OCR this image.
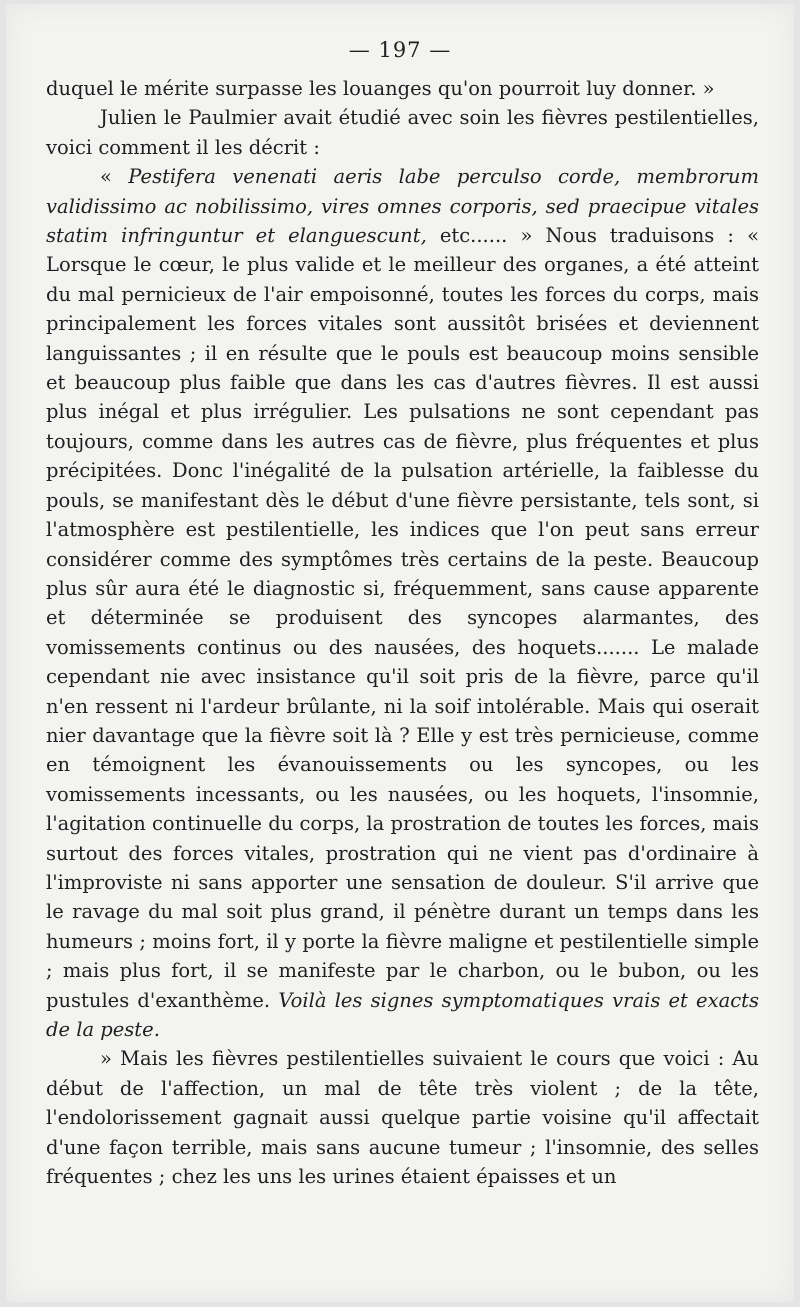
— 197 —

duquel le mérite surpasse les louanges qu'on pourroit luy donner. »

Julien le Paulmier avait étudié avec soin les fièvres pestilentielles, voici comment il les décrit :

« Pestifera venenati aeris labe perculso corde, membrorum validissimo ac nobilissimo, vires omnes corporis, sed praecipue vitales statim infringuntur et elanguescunt, etc...... » Nous traduisons : « Lorsque le cœur, le plus valide et le meilleur des organes, a été atteint du mal pernicieux de l'air empoisonné, toutes les forces du corps, mais principalement les forces vitales sont aussitôt brisées et deviennent languissantes ; il en résulte que le pouls est beaucoup moins sensible et beaucoup plus faible que dans les cas d'autres fièvres. Il est aussi plus inégal et plus irrégulier. Les pulsations ne sont cependant pas toujours, comme dans les autres cas de fièvre, plus fréquentes et plus précipitées. Donc l'inégalité de la pulsation artérielle, la faiblesse du pouls, se manifestant dès le début d'une fièvre persistante, tels sont, si l'atmosphère est pestilentielle, les indices que l'on peut sans erreur considérer comme des symptômes très certains de la peste. Beaucoup plus sûr aura été le diagnostic si, fréquemment, sans cause apparente et déterminée se produisent des syncopes alarmantes, des vomissements continus ou des nausées, des hoquets....... Le malade cependant nie avec insistance qu'il soit pris de la fièvre, parce qu'il n'en ressent ni l'ardeur brûlante, ni la soif intolérable. Mais qui oserait nier davantage que la fièvre soit là ? Elle y est très pernicieuse, comme en témoignent les évanouissements ou les syncopes, ou les vomissements incessants, ou les nausées, ou les hoquets, l'insomnie, l'agitation continuelle du corps, la prostration de toutes les forces, mais surtout des forces vitales, prostration qui ne vient pas d'ordinaire à l'improviste ni sans apporter une sensation de douleur. S'il arrive que le ravage du mal soit plus grand, il pénètre durant un temps dans les humeurs ; moins fort, il y porte la fièvre maligne et pestilentielle simple ; mais plus fort, il se manifeste par le charbon, ou le bubon, ou les pustules d'exanthème. Voilà les signes symptomatiques vrais et exacts de la peste.

» Mais les fièvres pestilentielles suivaient le cours que voici : Au début de l'affection, un mal de tête très violent ; de la tête, l'endolorissement gagnait aussi quelque partie voisine qu'il affectait d'une façon terrible, mais sans aucune tumeur ; l'insomnie, des selles fréquentes ; chez les uns les urines étaient épaisses et un
